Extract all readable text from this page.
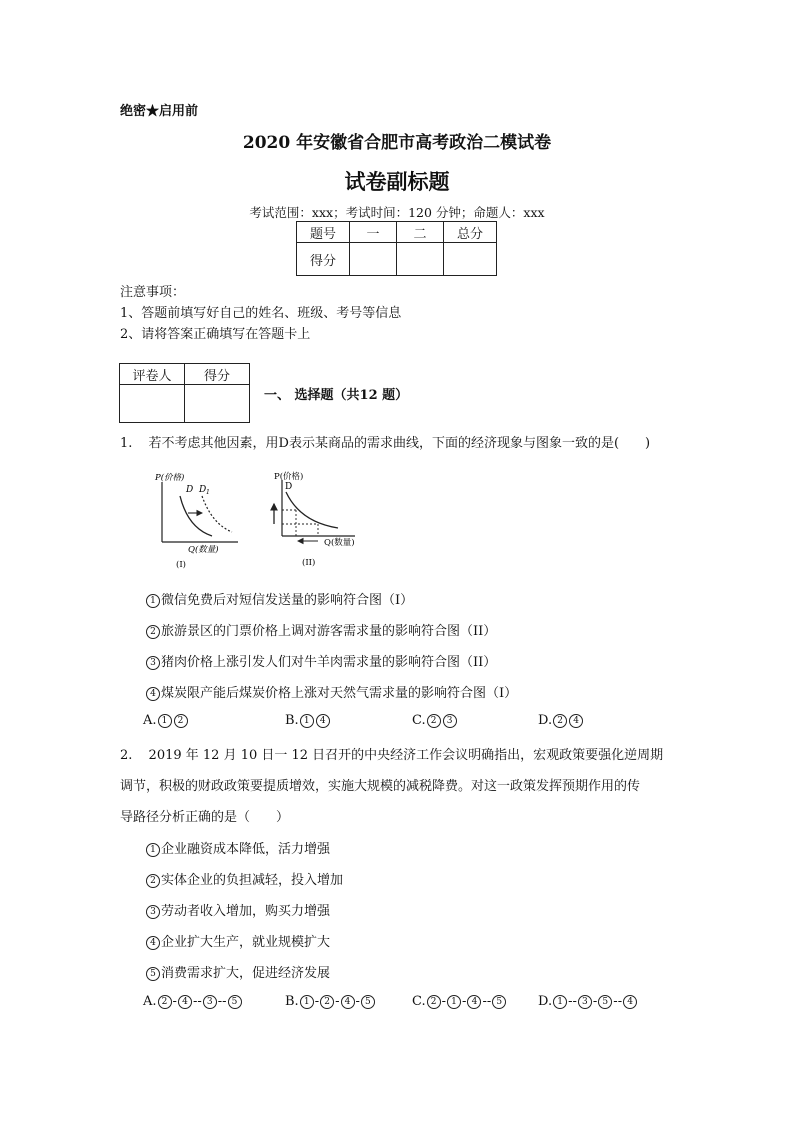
绝密★启用前
2020 年安徽省合肥市高考政治二模试卷
试卷副标题
考试范围：xxx；考试时间：120 分钟；命题人：xxx
题号	一	二	总分
得分			
注意事项：
1、答题前填写好自己的姓名、班级、考号等信息
2、请将答案正确填写在答题卡上
评卷人	得分

一、 选择题（共12 题）
1. 若不考虑其他因素，用D表示某商品的需求曲线，下面的经济现象与图象一致的是(　　)
P(价格)
D D 1
Q(数量)
(I)
P(价格)
D
Q(数量)
(II)
1 微信免费后对短信发送量的影响符合图（I）
2 旅游景区的门票价格上调对游客需求量的影响符合图（II）
3 猪肉价格上涨引发人们对牛羊肉需求量的影响符合图（II）
4 煤炭限产能后煤炭价格上涨对天然气需求量的影响符合图（I）
A. 1 2	B. 1 4	C. 2 3	D. 2 4
2. 2019 年 12 月 10 日一 12 日召开的中央经济工作会议明确指出，宏观政策要强化逆周期
调节，积极的财政政策要提质增效，实施大规模的减税降费。对这一政策发挥预期作用的传
导路径分析正确的是（　　）
1 企业融资成本降低，活力增强
2 实体企业的负担减轻，投入增加
3 劳动者收入增加，购买力增强
4 企业扩大生产，就业规模扩大
5 消费需求扩大，促进经济发展
A. 2 - 4 -- 3 -- 5	B. 1 - 2 - 4 - 5	C. 2 - 1 - 4 -- 5	D. 1 -- 3 - 5 -- 4
